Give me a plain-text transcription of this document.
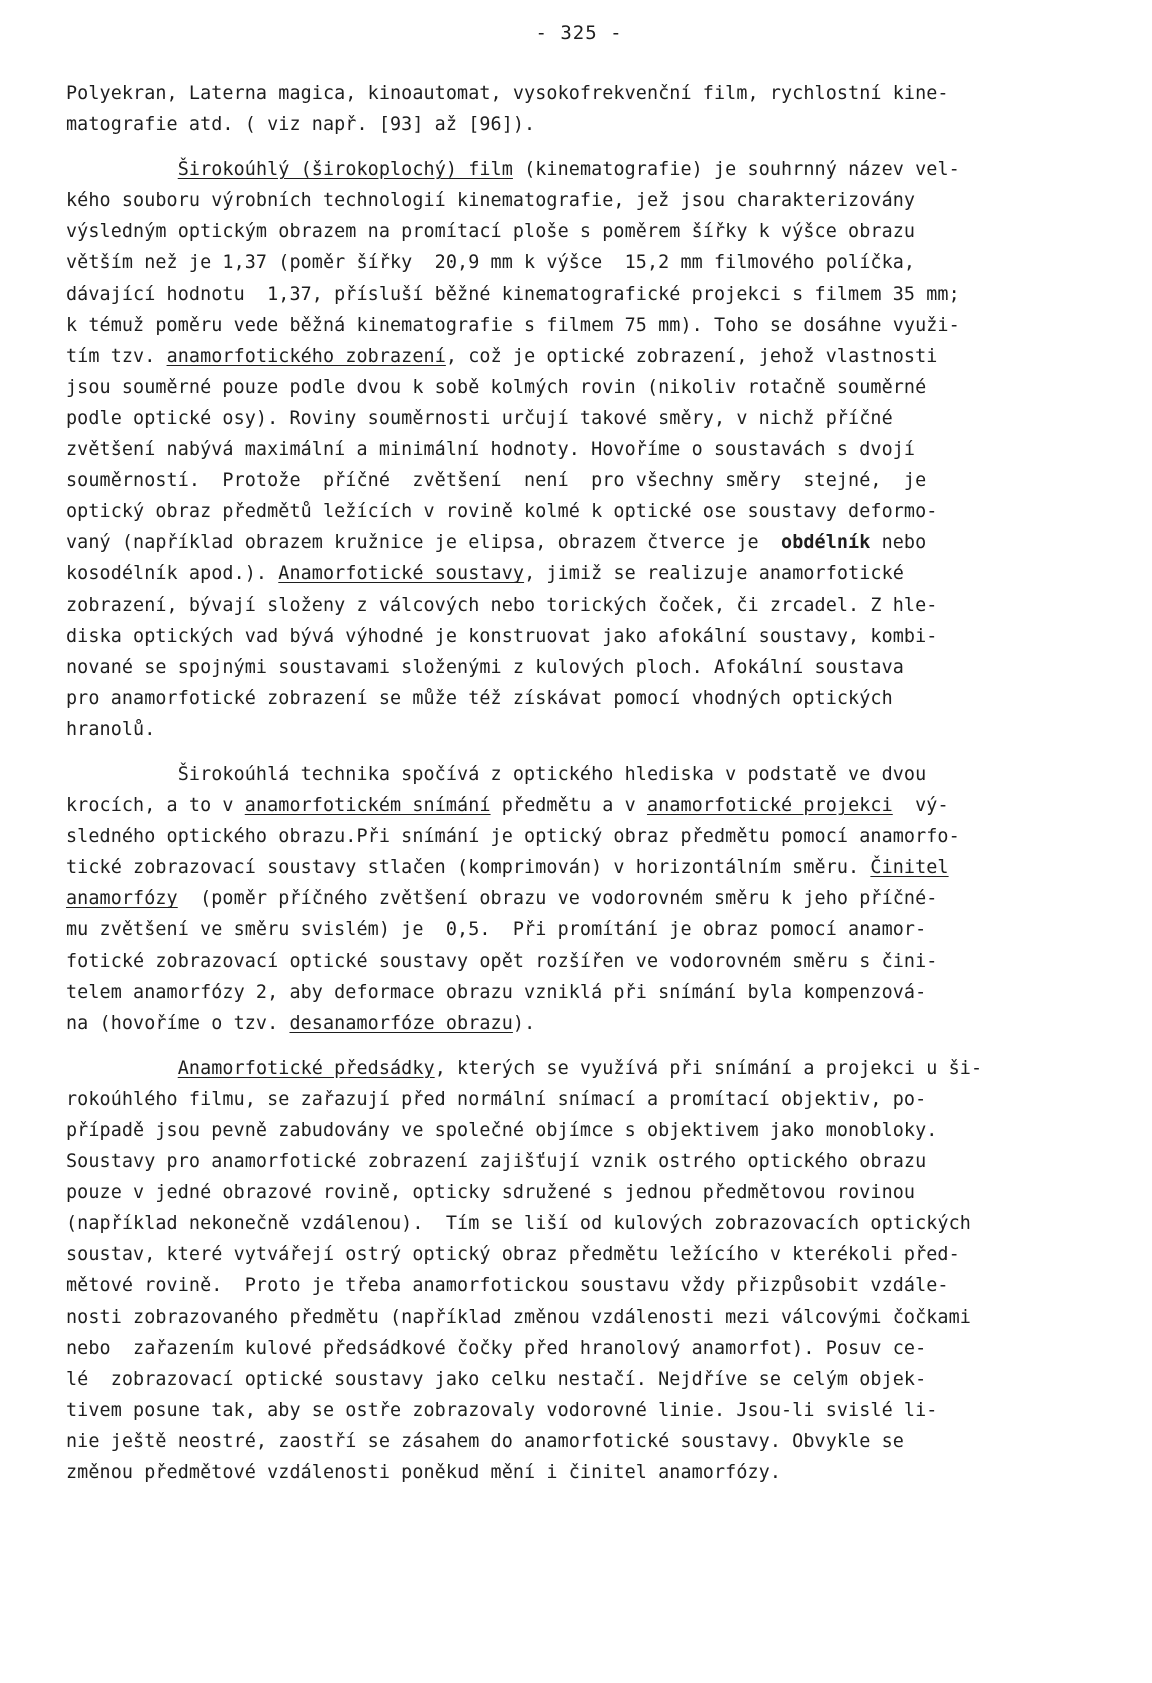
- 325 -
Polyekran, Laterna magica, kinoautomat, vysokofrekvenční film, rychlostní kine-
matografie atd. ( viz např. [93] až [96]).
Širokoúhlý (širokoplochý) film (kinematografie) je souhrnný název vel-
kého souboru výrobních technologií kinematografie, jež jsou charakterizovány
výsledným optickým obrazem na promítací ploše s poměrem šířky k výšce obrazu
větším než je 1,37 (poměr šířky  20,9 mm k výšce  15,2 mm filmového políčka,
dávající hodnotu  1,37, přísluší běžné kinematografické projekci s filmem 35 mm;
k témuž poměru vede běžná kinematografie s filmem 75 mm). Toho se dosáhne využi-
tím tzv. anamorfotického zobrazení, což je optické zobrazení, jehož vlastnosti
jsou souměrné pouze podle dvou k sobě kolmých rovin (nikoliv rotačně souměrné
podle optické osy). Roviny souměrnosti určují takové směry, v nichž příčné
zvětšení nabývá maximální a minimální hodnoty. Hovoříme o soustavách s dvojí
souměrností.  Protože  příčné  zvětšení  není  pro všechny směry  stejné,  je
optický obraz předmětů ležících v rovině kolmé k optické ose soustavy deformo-
vaný (například obrazem kružnice je elipsa, obrazem čtverce je  obdélník nebo
kosodélník apod.). Anamorfotické soustavy, jimiž se realizuje anamorfotické
zobrazení, bývají složeny z válcových nebo torických čoček, či zrcadel. Z hle-
diska optických vad bývá výhodné je konstruovat jako afokální soustavy, kombi-
nované se spojnými soustavami složenými z kulových ploch. Afokální soustava
pro anamorfotické zobrazení se může též získávat pomocí vhodných optických
hranolů.
Širokoúhlá technika spočívá z optického hlediska v podstatě ve dvou
krocích, a to v anamorfotickém snímání předmětu a v anamorfotické projekci  vý-
sledného optického obrazu.Při snímání je optický obraz předmětu pomocí anamorfo-
tické zobrazovací soustavy stlačen (komprimován) v horizontálním směru. Činitel
anamorfózy  (poměr příčného zvětšení obrazu ve vodorovném směru k jeho příčné-
mu zvětšení ve směru svislém) je  0,5.  Při promítání je obraz pomocí anamor-
fotické zobrazovací optické soustavy opět rozšířen ve vodorovném směru s čini-
telem anamorfózy 2, aby deformace obrazu vzniklá při snímání byla kompenzová-
na (hovoříme o tzv. desanamorfóze obrazu).
Anamorfotické předsádky, kterých se využívá při snímání a projekci u ši-
rokoúhlého filmu, se zařazují před normální snímací a promítací objektiv, po-
případě jsou pevně zabudovány ve společné objímce s objektivem jako monobloky.
Soustavy pro anamorfotické zobrazení zajišťují vznik ostrého optického obrazu
pouze v jedné obrazové rovině, opticky sdružené s jednou předmětovou rovinou
(například nekonečně vzdálenou).  Tím se liší od kulových zobrazovacích optických
soustav, které vytvářejí ostrý optický obraz předmětu ležícího v kterékoli před-
mětové rovině.  Proto je třeba anamorfotickou soustavu vždy přizpůsobit vzdále-
nosti zobrazovaného předmětu (například změnou vzdálenosti mezi válcovými čočkami
nebo  zařazením kulové předsádkové čočky před hranolový anamorfot). Posuv ce-
lé  zobrazovací optické soustavy jako celku nestačí. Nejdříve se celým objek-
tivem posune tak, aby se ostře zobrazovaly vodorovné linie. Jsou-li svislé li-
nie ještě neostré, zaostří se zásahem do anamorfotické soustavy. Obvykle se
změnou předmětové vzdálenosti poněkud mění i činitel anamorfózy.
